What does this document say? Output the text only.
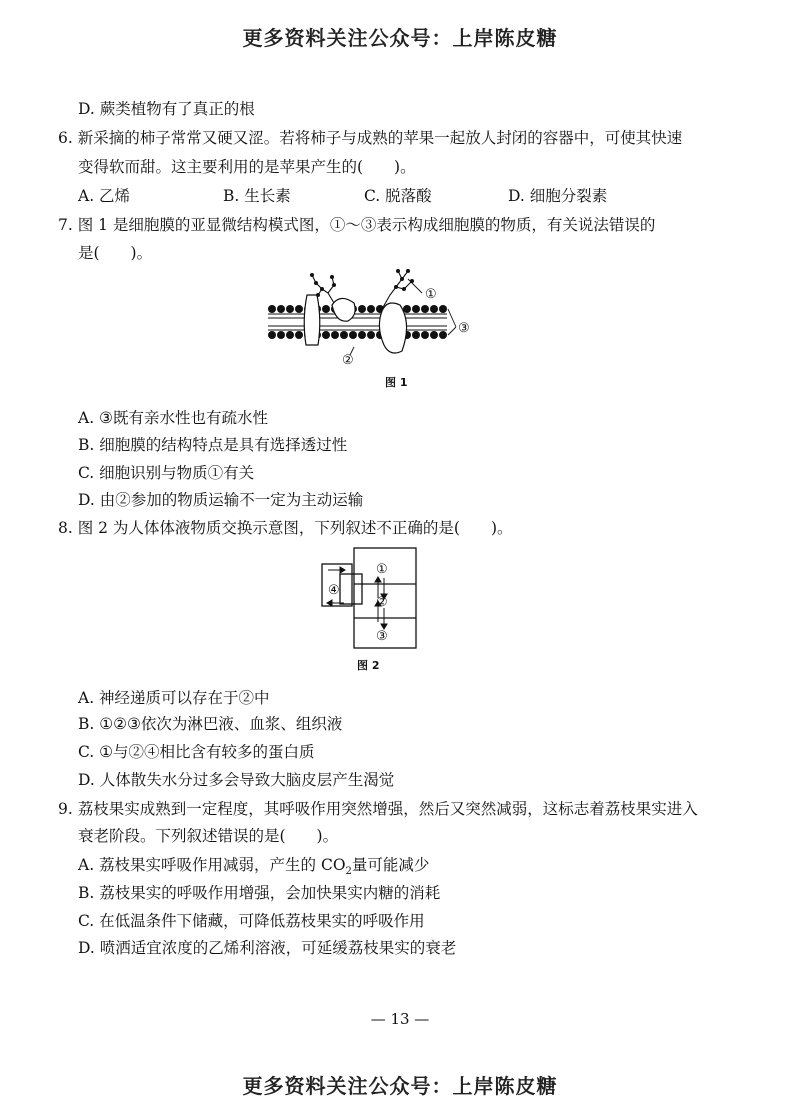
更多资料关注公众号：上岸陈皮糖
D. 蕨类植物有了真正的根
6. 新采摘的柿子常常又硬又涩。若将柿子与成熟的苹果一起放人封闭的容器中，可使其快速
变得软而甜。这主要利用的是苹果产生的(　　)。
A. 乙烯	B. 生长素	C. 脱落酸	D. 细胞分裂素
7. 图 1 是细胞膜的亚显微结构模式图，①～③表示构成细胞膜的物质，有关说法错误的
是(　　)。
①
③
②
图 1
A. ③既有亲水性也有疏水性
B. 细胞膜的结构特点是具有选择透过性
C. 细胞识别与物质①有关
D. 由②参加的物质运输不一定为主动运输
8. 图 2 为人体体液物质交换示意图，下列叙述不正确的是(　　)。
④
①
②
③
图 2
A. 神经递质可以存在于②中
B. ①②③依次为淋巴液、血浆、组织液
C. ①与②④相比含有较多的蛋白质
D. 人体散失水分过多会导致大脑皮层产生渴觉
9. 荔枝果实成熟到一定程度，其呼吸作用突然增强，然后又突然减弱，这标志着荔枝果实进入
衰老阶段。下列叙述错误的是(　　)。
A. 荔枝果实呼吸作用减弱，产生的 $CO_2$量可能减少
B. 荔枝果实的呼吸作用增强，会加快果实内糖的消耗
C. 在低温条件下储藏，可降低荔枝果实的呼吸作用
D. 喷洒适宜浓度的乙烯利溶液，可延缓荔枝果实的衰老
— 13 —
更多资料关注公众号：上岸陈皮糖
